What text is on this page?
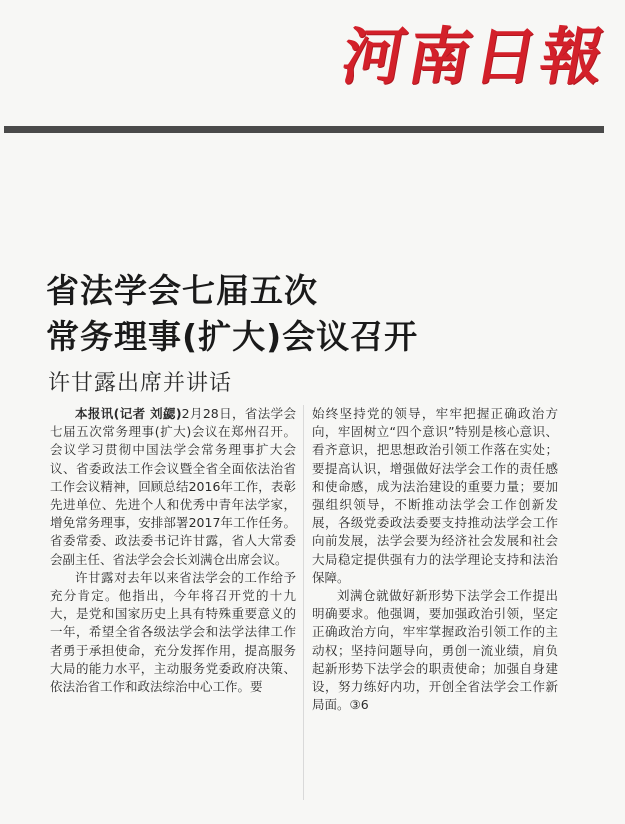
河南日報
省法学会七届五次
常务理事(扩大)会议召开
许甘露出席并讲话

本报讯(记者 刘勰)2月28日，省法学会七届五次常务理事(扩大)会议在郑州召开。会议学习贯彻中国法学会常务理事扩大会议、省委政法工作会议暨全省全面依法治省工作会议精神，回顾总结2016年工作，表彰先进单位、先进个人和优秀中青年法学家，增免常务理事，安排部署2017年工作任务。省委常委、政法委书记许甘露，省人大常委会副主任、省法学会会长刘满仓出席会议。

许甘露对去年以来省法学会的工作给予充分肯定。他指出，今年将召开党的十九大，是党和国家历史上具有特殊重要意义的一年，希望全省各级法学会和法学法律工作者勇于承担使命，充分发挥作用，提高服务大局的能力水平，主动服务党委政府决策、依法治省工作和政法综治中心工作。要

始终坚持党的领导，牢牢把握正确政治方向，牢固树立“四个意识”特别是核心意识、看齐意识，把思想政治引领工作落在实处；要提高认识，增强做好法学会工作的责任感和使命感，成为法治建设的重要力量；要加强组织领导，不断推动法学会工作创新发展，各级党委政法委要支持推动法学会工作向前发展，法学会要为经济社会发展和社会大局稳定提供强有力的法学理论支持和法治保障。

刘满仓就做好新形势下法学会工作提出明确要求。他强调，要加强政治引领，坚定正确政治方向，牢牢掌握政治引领工作的主动权；坚持问题导向，勇创一流业绩，肩负起新形势下法学会的职责使命；加强自身建设，努力练好内功，开创全省法学会工作新局面。③6
